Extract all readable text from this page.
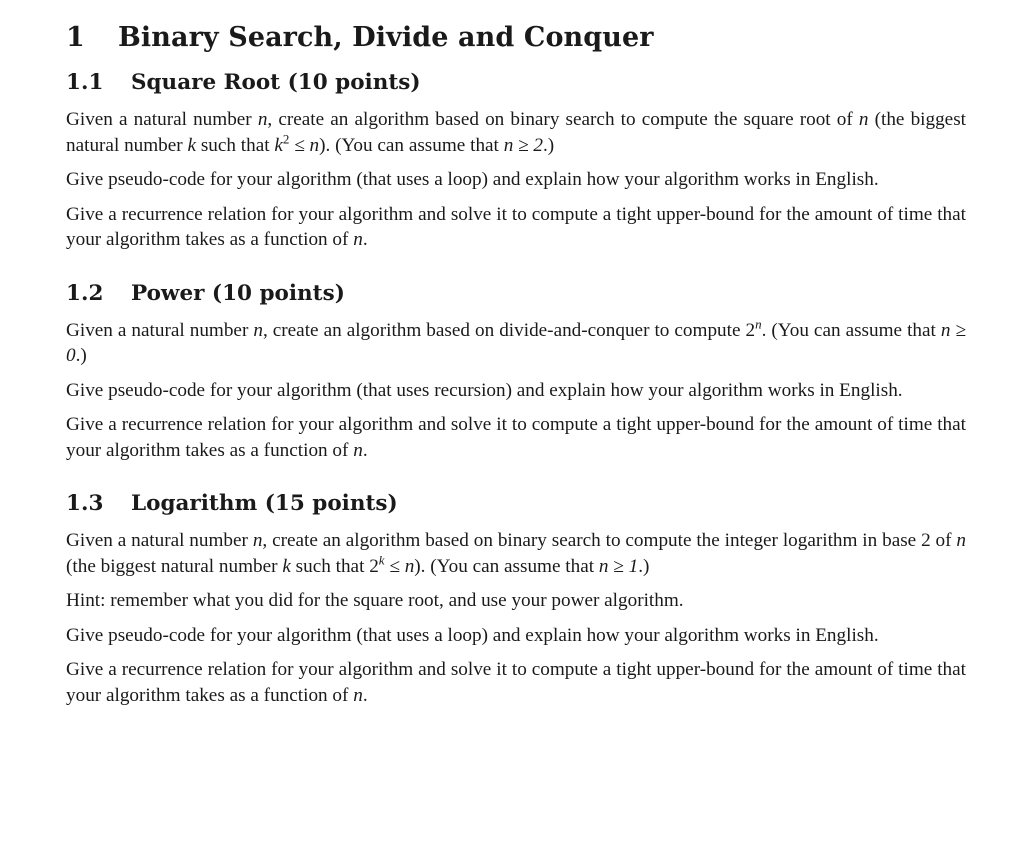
1 Binary Search, Divide and Conquer
1.1 Square Root (10 points)

Given a natural number n, create an algorithm based on binary search to compute the square root of n (the biggest natural number k such that $k^2 \le n$). (You can assume that n ≥ 2.)

Give pseudo-code for your algorithm (that uses a loop) and explain how your algorithm works in English.

Give a recurrence relation for your algorithm and solve it to compute a tight upper-bound for the amount of time that your algorithm takes as a function of n.

1.2 Power (10 points)

Given a natural number n, create an algorithm based on divide-and-conquer to compute 2$^n$. (You can assume that n ≥ 0.)

Give pseudo-code for your algorithm (that uses recursion) and explain how your algorithm works in English.

Give a recurrence relation for your algorithm and solve it to compute a tight upper-bound for the amount of time that your algorithm takes as a function of n.

1.3 Logarithm (15 points)

Given a natural number n, create an algorithm based on binary search to compute the integer logarithm in base 2 of n (the biggest natural number k such that $2^k \le n$). (You can assume that n ≥ 1.)

Hint: remember what you did for the square root, and use your power algorithm.

Give pseudo-code for your algorithm (that uses a loop) and explain how your algorithm works in English.

Give a recurrence relation for your algorithm and solve it to compute a tight upper-bound for the amount of time that your algorithm takes as a function of n.
